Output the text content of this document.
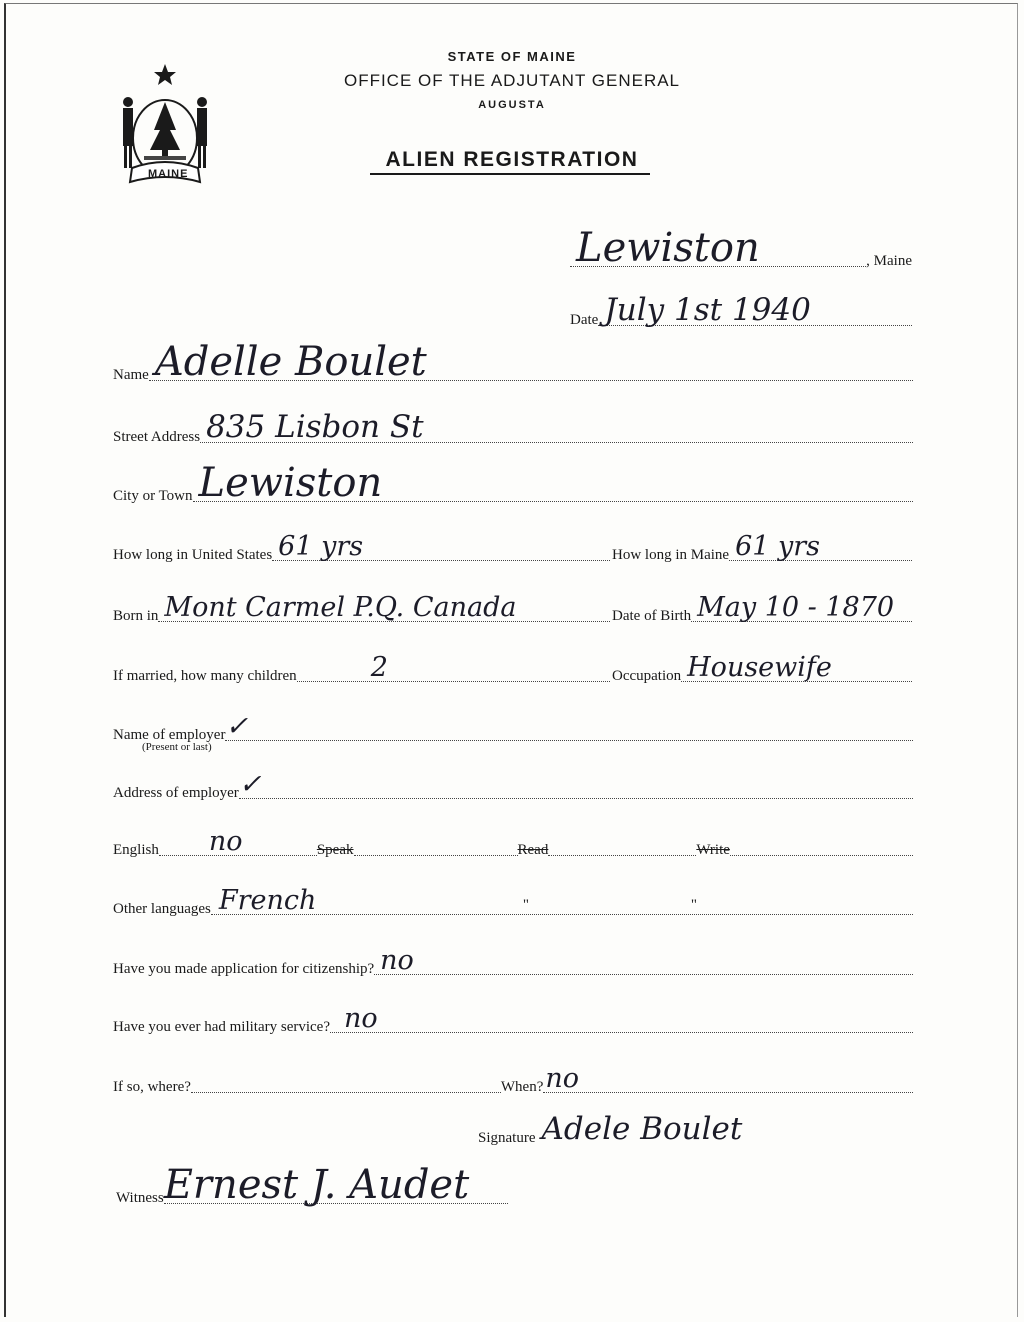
MAINE
STATE OF MAINE
OFFICE OF THE ADJUTANT GENERAL
AUGUSTA
ALIEN REGISTRATION
Lewiston	, Maine
Date July 1st 1940
Name Adelle Boulet
Street Address 835 Lisbon St
City or Town Lewiston
How long in United States 61 yrs	How long in Maine 61 yrs
Born in Mont Carmel P.Q. Canada	Date of Birth May 10 - 1870
If married, how many children	2	Occupation Housewife
Name of employer ✓
(Present or last)
Address of employer ✓
English no	Speak	Read	Write
Other languages French	"	"
Have you made application for citizenship? no
Have you ever had military service? no
If so, where?	When? no
Signature Adele Boulet
Witness Ernest J. Audet
